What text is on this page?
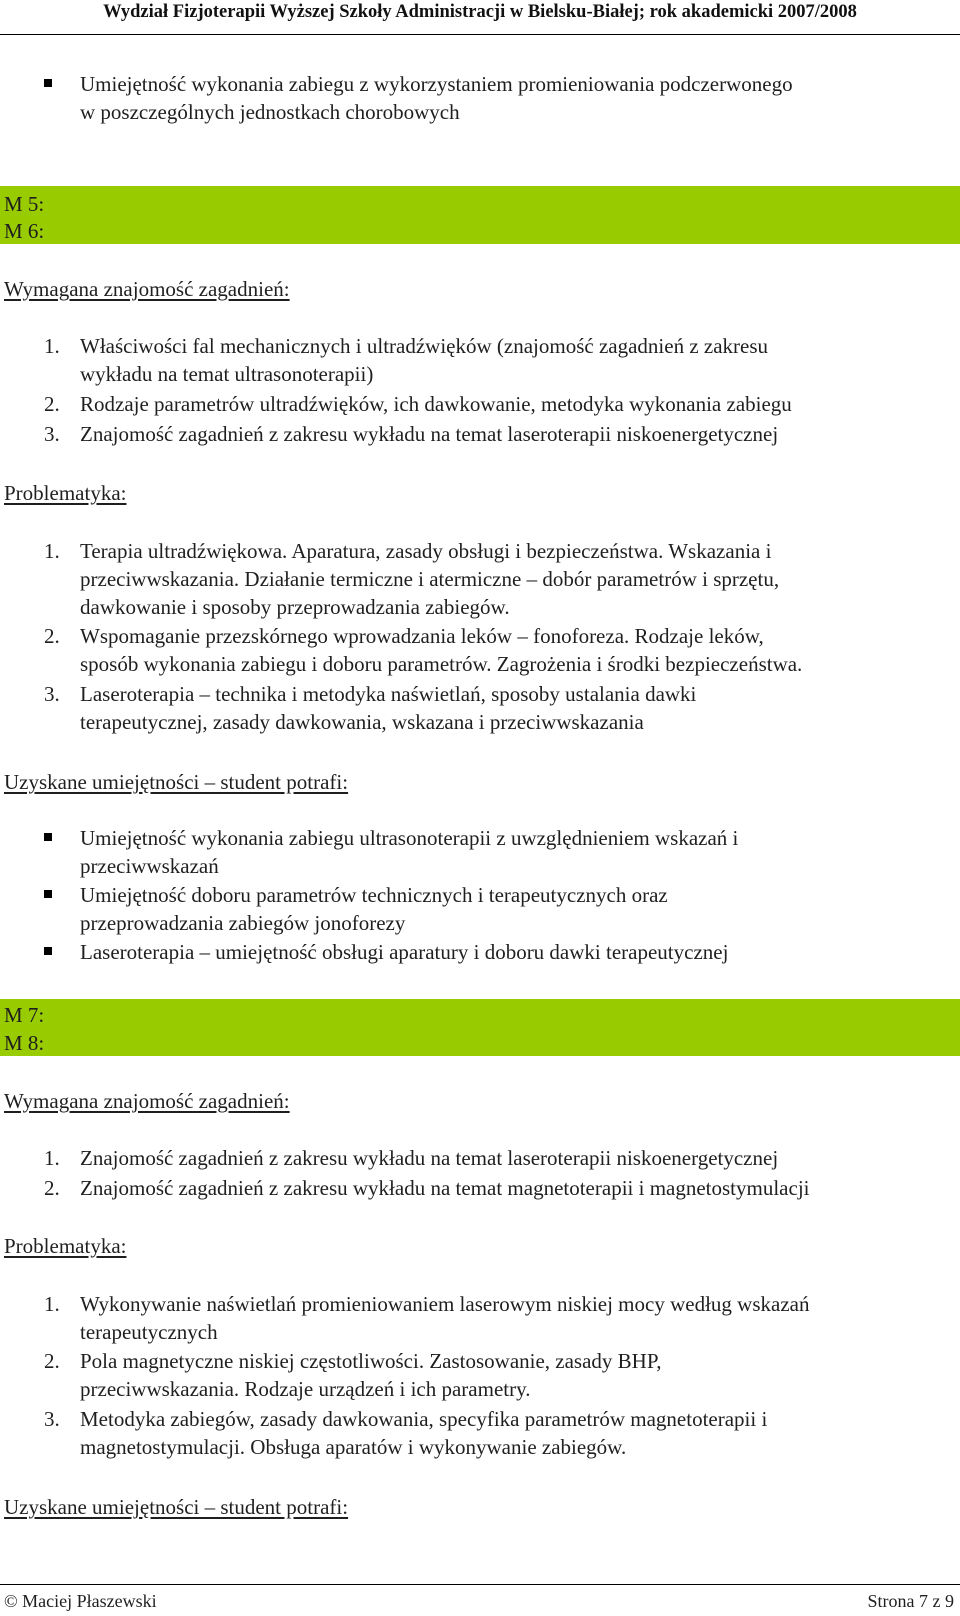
Wydział Fizjoterapii Wyższej Szkoły Administracji w Bielsku-Białej; rok akademicki 2007/2008
Umiejętność wykonania zabiegu z wykorzystaniem promieniowania podczerwonego
w poszczególnych jednostkach chorobowych
M 5:
M 6:
Wymagana znajomość zagadnień:
1. Właściwości fal mechanicznych i ultradźwięków (znajomość zagadnień z zakresu
wykładu na temat ultrasonoterapii)
2. Rodzaje parametrów ultradźwięków, ich dawkowanie, metodyka wykonania zabiegu
3. Znajomość zagadnień z zakresu wykładu na temat laseroterapii niskoenergetycznej
Problematyka:
1. Terapia ultradźwiękowa. Aparatura, zasady obsługi i bezpieczeństwa. Wskazania i
przeciwwskazania. Działanie termiczne i atermiczne – dobór parametrów i sprzętu,
dawkowanie i sposoby przeprowadzania zabiegów.
2. Wspomaganie przezskórnego wprowadzania leków – fonoforeza. Rodzaje leków,
sposób wykonania zabiegu i doboru parametrów. Zagrożenia i środki bezpieczeństwa.
3. Laseroterapia – technika i metodyka naświetlań, sposoby ustalania dawki
terapeutycznej, zasady dawkowania, wskazana i przeciwwskazania
Uzyskane umiejętności – student potrafi:
Umiejętność wykonania zabiegu ultrasonoterapii z uwzględnieniem wskazań i
przeciwwskazań
Umiejętność doboru parametrów technicznych i terapeutycznych oraz
przeprowadzania zabiegów jonoforezy
Laseroterapia – umiejętność obsługi aparatury i doboru dawki terapeutycznej
M 7:
M 8:
Wymagana znajomość zagadnień:
1. Znajomość zagadnień z zakresu wykładu na temat laseroterapii niskoenergetycznej
2. Znajomość zagadnień z zakresu wykładu na temat magnetoterapii i magnetostymulacji
Problematyka:
1. Wykonywanie naświetlań promieniowaniem laserowym niskiej mocy według wskazań
terapeutycznych
2. Pola magnetyczne niskiej częstotliwości. Zastosowanie, zasady BHP,
przeciwwskazania. Rodzaje urządzeń i ich parametry.
3. Metodyka zabiegów, zasady dawkowania, specyfika parametrów magnetoterapii i
magnetostymulacji. Obsługa aparatów i wykonywanie zabiegów.
Uzyskane umiejętności – student potrafi:
© Maciej Płaszewski	Strona 7 z 9
